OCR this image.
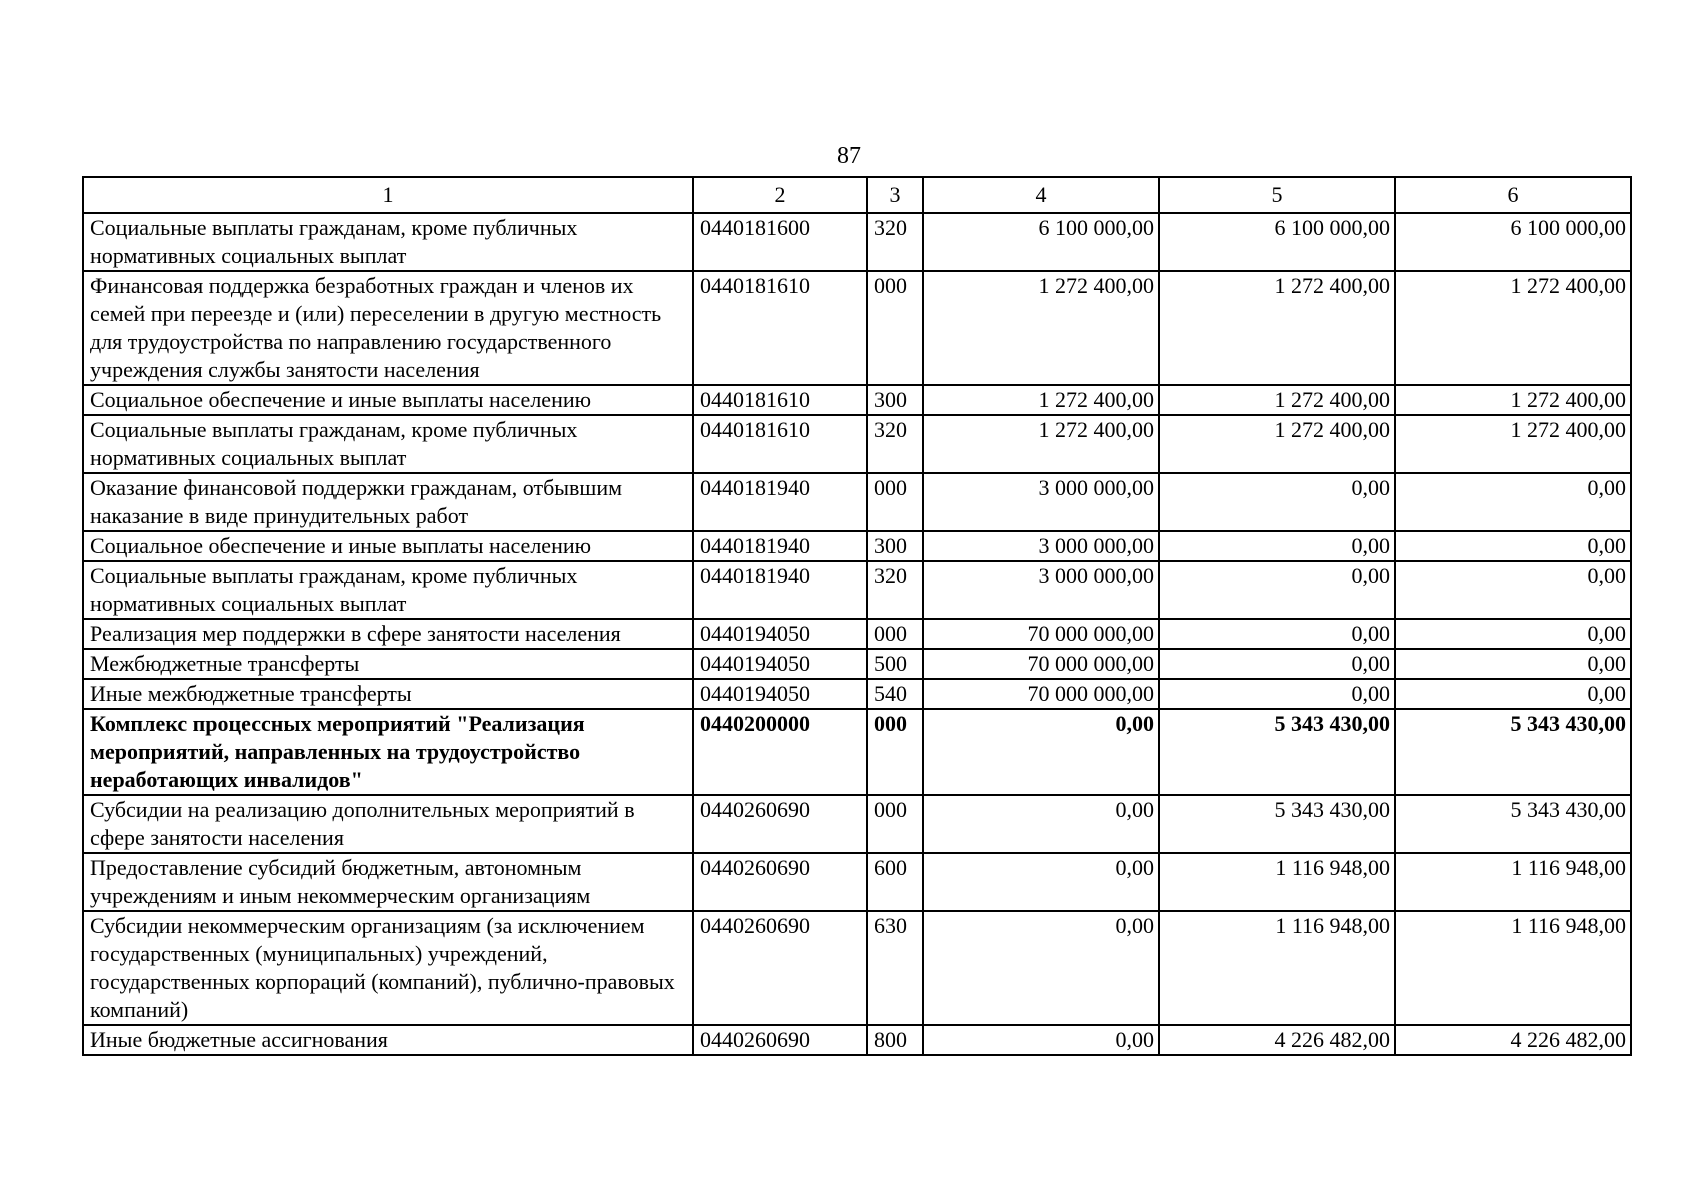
87
1	2	3	4	5	6
Социальные выплаты гражданам, кроме публичных нормативных социальных выплат	0440181600	320	6 100 000,00	6 100 000,00	6 100 000,00
Финансовая поддержка безработных граждан и членов их семей при переезде и (или) переселении в другую местность для трудоустройства по направлению государственного учреждения службы занятости населения	0440181610	000	1 272 400,00	1 272 400,00	1 272 400,00
Социальное обеспечение и иные выплаты населению	0440181610	300	1 272 400,00	1 272 400,00	1 272 400,00
Социальные выплаты гражданам, кроме публичных нормативных социальных выплат	0440181610	320	1 272 400,00	1 272 400,00	1 272 400,00
Оказание финансовой поддержки гражданам, отбывшим наказание в виде принудительных работ	0440181940	000	3 000 000,00	0,00	0,00
Социальное обеспечение и иные выплаты населению	0440181940	300	3 000 000,00	0,00	0,00
Социальные выплаты гражданам, кроме публичных нормативных социальных выплат	0440181940	320	3 000 000,00	0,00	0,00
Реализация мер поддержки в сфере занятости населения	0440194050	000	70 000 000,00	0,00	0,00
Межбюджетные трансферты	0440194050	500	70 000 000,00	0,00	0,00
Иные межбюджетные трансферты	0440194050	540	70 000 000,00	0,00	0,00
Комплекс процессных мероприятий "Реализация мероприятий, направленных на трудоустройство неработающих инвалидов"	0440200000	000	0,00	5 343 430,00	5 343 430,00
Субсидии на реализацию дополнительных мероприятий в сфере занятости населения	0440260690	000	0,00	5 343 430,00	5 343 430,00
Предоставление субсидий бюджетным, автономным учреждениям и иным некоммерческим организациям	0440260690	600	0,00	1 116 948,00	1 116 948,00
Субсидии некоммерческим организациям (за исключением государственных (муниципальных) учреждений, государственных корпораций (компаний), публично-правовых компаний)	0440260690	630	0,00	1 116 948,00	1 116 948,00
Иные бюджетные ассигнования	0440260690	800	0,00	4 226 482,00	4 226 482,00
